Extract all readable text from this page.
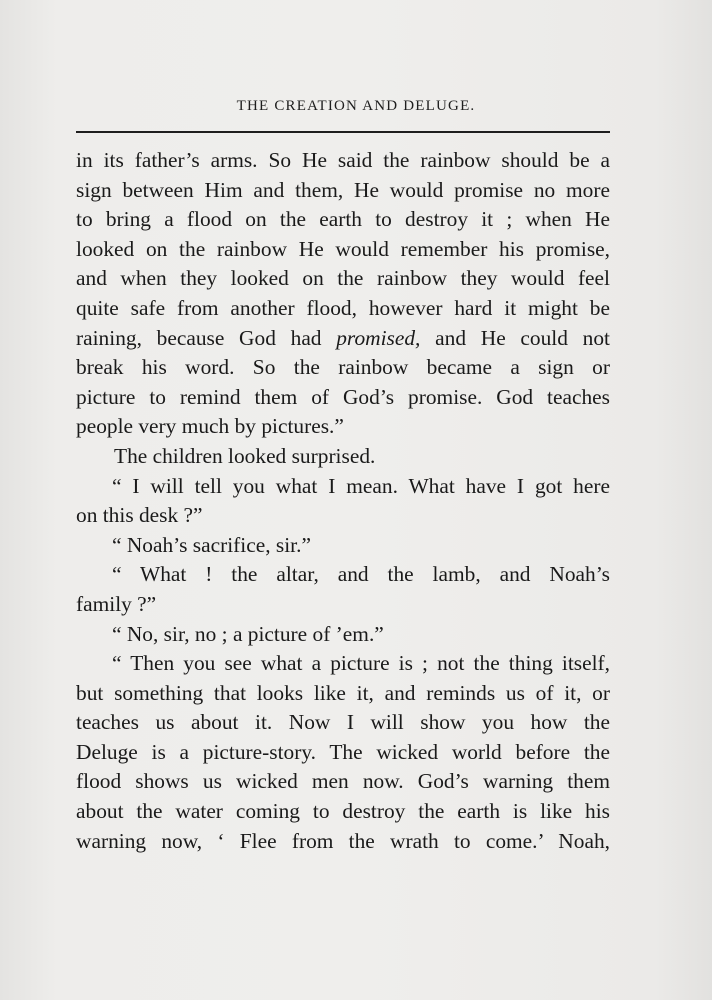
THE CREATION AND DELUGE.
in its father’s arms. So He said the rainbow should be a
sign between Him and them, He would promise no more
to bring a flood on the earth to destroy it ; when He
looked on the rainbow He would remember his promise,
and when they looked on the rainbow they would feel
quite safe from another flood, however hard it might be
raining, because God had promised, and He could not
break his word. So the rainbow became a sign or
picture to remind them of God’s promise. God teaches
people very much by pictures.”
The children looked surprised.
“ I will tell you what I mean. What have I got here
on this desk ?”
“ Noah’s sacrifice, sir.”
“ What ! the altar, and the lamb, and Noah’s
family ?”
“ No, sir, no ; a picture of ’em.”
“ Then you see what a picture is ; not the thing itself,
but something that looks like it, and reminds us of it, or
teaches us about it. Now I will show you how the
Deluge is a picture-story. The wicked world before the
flood shows us wicked men now. God’s warning them
about the water coming to destroy the earth is like his
warning now, ‘ Flee from the wrath to come.’ Noah,
